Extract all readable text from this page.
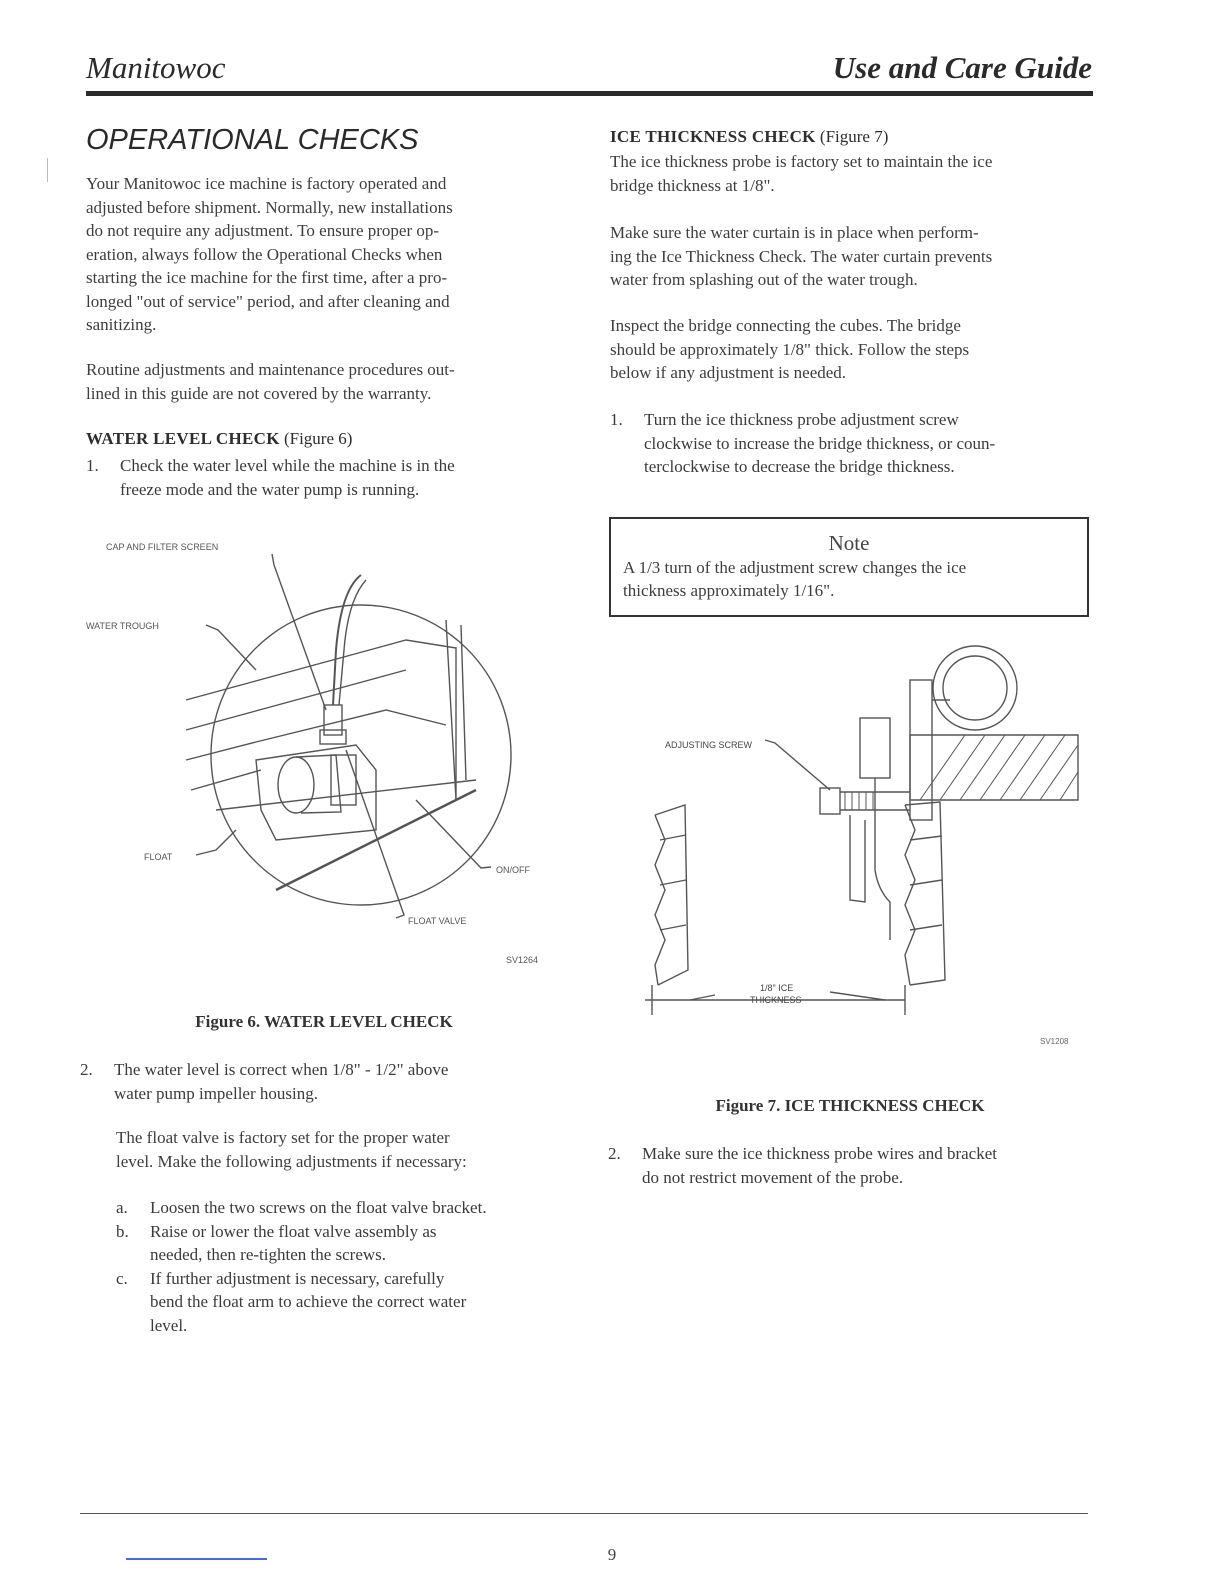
Manitowoc	Use and Care Guide
OPERATIONAL CHECKS
Your Manitowoc ice machine is factory operated and
adjusted before shipment. Normally, new installations
do not require any adjustment. To ensure proper op-
eration, always follow the Operational Checks when
starting the ice machine for the first time, after a pro-
longed "out of service" period, and after cleaning and
sanitizing.
Routine adjustments and maintenance procedures out-
lined in this guide are not covered by the warranty.
WATER LEVEL CHECK (Figure 6)
1.	Check the water level while the machine is in the
freeze mode and the water pump is running.
CAP AND FILTER SCREEN
WATER TROUGH
FLOAT
ON/OFF
FLOAT VALVE
SV1264
Figure 6. WATER LEVEL CHECK
2.	The water level is correct when 1/8" - 1/2" above
water pump impeller housing.
The float valve is factory set for the proper water
level. Make the following adjustments if necessary:
a.	Loosen the two screws on the float valve bracket.
b.	Raise or lower the float valve assembly as
needed, then re-tighten the screws.
c.	If further adjustment is necessary, carefully
bend the float arm to achieve the correct water
level.
ICE THICKNESS CHECK (Figure 7)
The ice thickness probe is factory set to maintain the ice
bridge thickness at 1/8".
Make sure the water curtain is in place when perform-
ing the Ice Thickness Check. The water curtain prevents
water from splashing out of the water trough.
Inspect the bridge connecting the cubes. The bridge
should be approximately 1/8" thick. Follow the steps
below if any adjustment is needed.
1.	Turn the ice thickness probe adjustment screw
clockwise to increase the bridge thickness, or coun-
terclockwise to decrease the bridge thickness.
Note
A 1/3 turn of the adjustment screw changes the ice
thickness approximately 1/16".
ADJUSTING SCREW
1/8" ICE
THICKNESS
SV1208
Figure 7. ICE THICKNESS CHECK
2.	Make sure the ice thickness probe wires and bracket
do not restrict movement of the probe.
9
